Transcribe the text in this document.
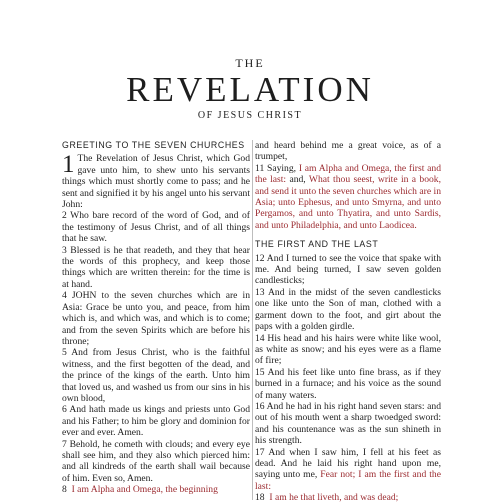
THE
REVELATION
OF JESUS CHRIST
GREETING TO THE SEVEN CHURCHES

1 The Revelation of Jesus Christ, which God gave unto him, to shew unto his servants things which must shortly come to pass; and he sent and signified it by his angel unto his servant John:

2 Who bare record of the word of God, and of the testimony of Jesus Christ, and of all things that he saw.

3 Blessed is he that readeth, and they that hear the words of this prophecy, and keep those things which are written therein: for the time is at hand.

4 JOHN to the seven churches which are in Asia: Grace be unto you, and peace, from him which is, and which was, and which is to come; and from the seven Spirits which are before his throne;

5 And from Jesus Christ, who is the faithful witness, and the first begotten of the dead, and the prince of the kings of the earth. Unto him that loved us, and washed us from our sins in his own blood,

6 And hath made us kings and priests unto God and his Father; to him be glory and dominion for ever and ever. Amen.

7 Behold, he cometh with clouds; and every eye shall see him, and they also which pierced him: and all kindreds of the earth shall wail because of him. Even so, Amen.

8 I am Alpha and Omega, the beginning

and heard behind me a great voice, as of a trumpet,

11 Saying, I am Alpha and Omega, the first and the last: and, What thou seest, write in a book, and send it unto the seven churches which are in Asia; unto Ephesus, and unto Smyrna, and unto Pergamos, and unto Thyatira, and unto Sardis, and unto Philadelphia, and unto Laodicea.

THE FIRST AND THE LAST

12 And I turned to see the voice that spake with me. And being turned, I saw seven golden candlesticks;

13 And in the midst of the seven candlesticks one like unto the Son of man, clothed with a garment down to the foot, and girt about the paps with a golden girdle.

14 His head and his hairs were white like wool, as white as snow; and his eyes were as a flame of fire;

15 And his feet like unto fine brass, as if they burned in a furnace; and his voice as the sound of many waters.

16 And he had in his right hand seven stars: and out of his mouth went a sharp twoedged sword: and his countenance was as the sun shineth in his strength.

17 And when I saw him, I fell at his feet as dead. And he laid his right hand upon me, saying unto me, Fear not; I am the first and the last:

18 I am he that liveth, and was dead;
